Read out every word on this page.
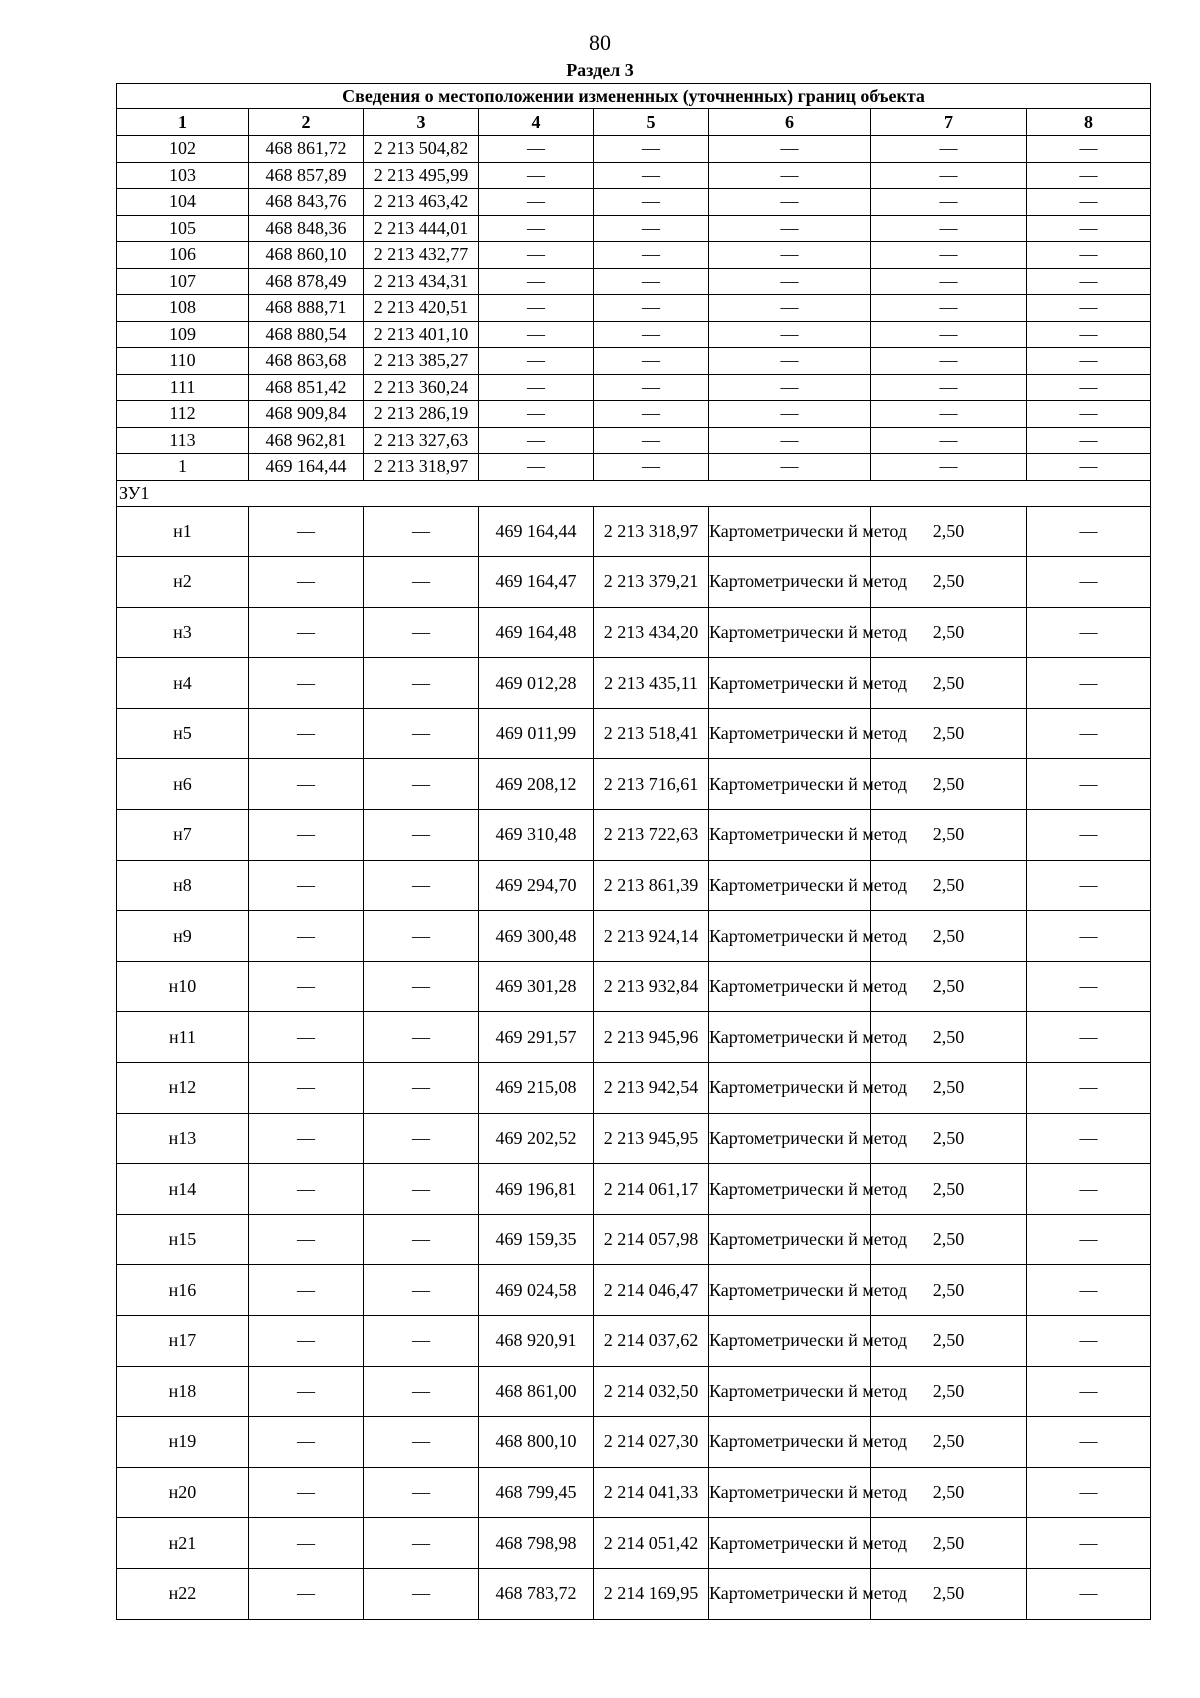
80
Раздел 3
Сведения о местоположении измененных (уточненных) границ объекта							
1	2	3	4	5	6	7	8
102	468 861,72	2 213 504,82	—	—	—	—	—
103	468 857,89	2 213 495,99	—	—	—	—	—
104	468 843,76	2 213 463,42	—	—	—	—	—
105	468 848,36	2 213 444,01	—	—	—	—	—
106	468 860,10	2 213 432,77	—	—	—	—	—
107	468 878,49	2 213 434,31	—	—	—	—	—
108	468 888,71	2 213 420,51	—	—	—	—	—
109	468 880,54	2 213 401,10	—	—	—	—	—
110	468 863,68	2 213 385,27	—	—	—	—	—
111	468 851,42	2 213 360,24	—	—	—	—	—
112	468 909,84	2 213 286,19	—	—	—	—	—
113	468 962,81	2 213 327,63	—	—	—	—	—
1	469 164,44	2 213 318,97	—	—	—	—	—
ЗУ1							
н1	—	—	469 164,44	2 213 318,97	Картометрически й метод	2,50	—
н2	—	—	469 164,47	2 213 379,21	Картометрически й метод	2,50	—
н3	—	—	469 164,48	2 213 434,20	Картометрически й метод	2,50	—
н4	—	—	469 012,28	2 213 435,11	Картометрически й метод	2,50	—
н5	—	—	469 011,99	2 213 518,41	Картометрически й метод	2,50	—
н6	—	—	469 208,12	2 213 716,61	Картометрически й метод	2,50	—
н7	—	—	469 310,48	2 213 722,63	Картометрически й метод	2,50	—
н8	—	—	469 294,70	2 213 861,39	Картометрически й метод	2,50	—
н9	—	—	469 300,48	2 213 924,14	Картометрически й метод	2,50	—
н10	—	—	469 301,28	2 213 932,84	Картометрически й метод	2,50	—
н11	—	—	469 291,57	2 213 945,96	Картометрически й метод	2,50	—
н12	—	—	469 215,08	2 213 942,54	Картометрически й метод	2,50	—
н13	—	—	469 202,52	2 213 945,95	Картометрически й метод	2,50	—
н14	—	—	469 196,81	2 214 061,17	Картометрически й метод	2,50	—
н15	—	—	469 159,35	2 214 057,98	Картометрически й метод	2,50	—
н16	—	—	469 024,58	2 214 046,47	Картометрически й метод	2,50	—
н17	—	—	468 920,91	2 214 037,62	Картометрически й метод	2,50	—
н18	—	—	468 861,00	2 214 032,50	Картометрически й метод	2,50	—
н19	—	—	468 800,10	2 214 027,30	Картометрически й метод	2,50	—
н20	—	—	468 799,45	2 214 041,33	Картометрически й метод	2,50	—
н21	—	—	468 798,98	2 214 051,42	Картометрически й метод	2,50	—
н22	—	—	468 783,72	2 214 169,95	Картометрически й метод	2,50	—
